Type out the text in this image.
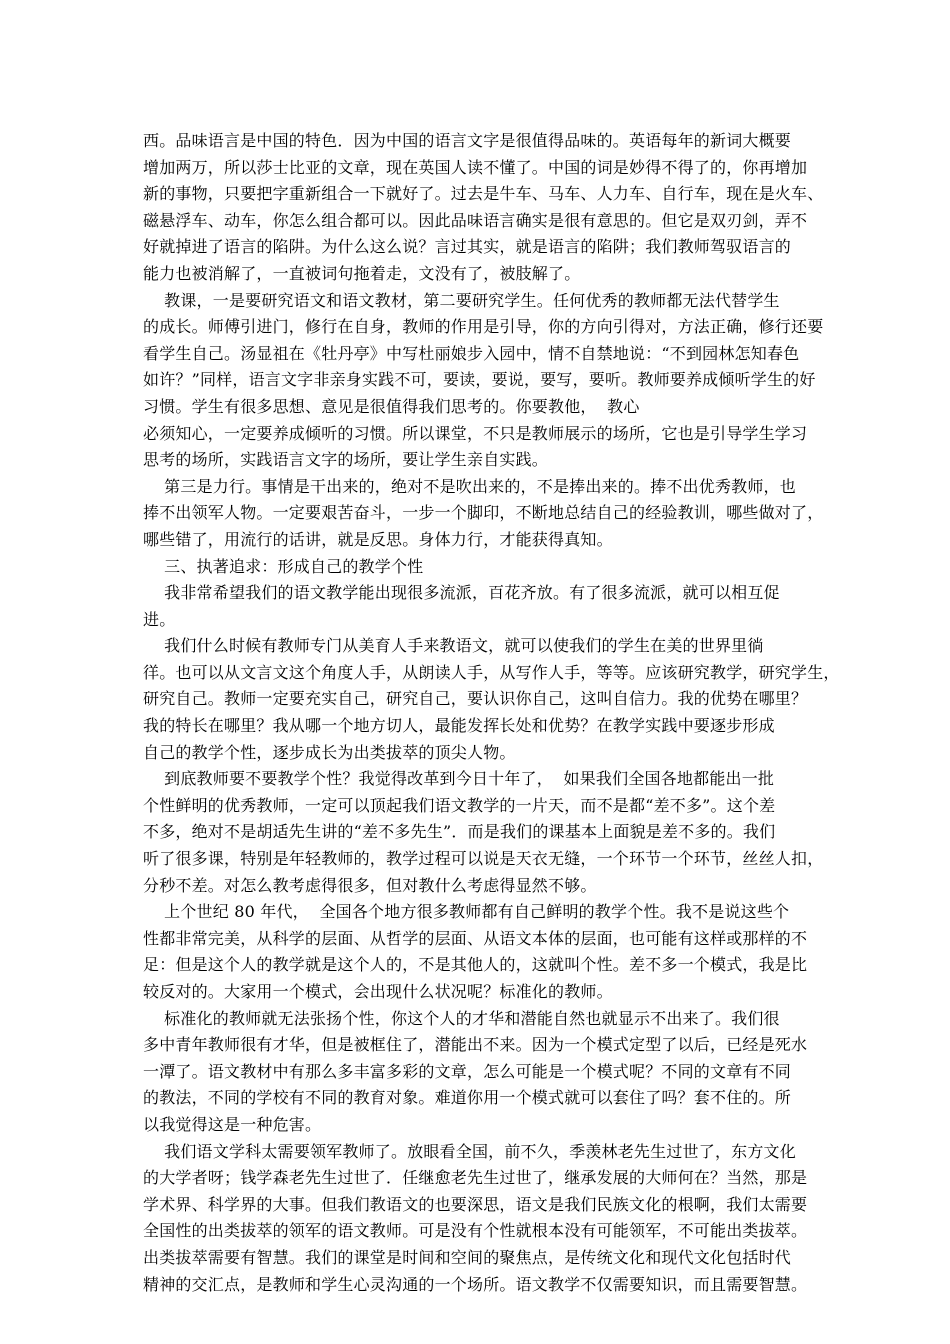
西。品味语言是中国的特色．因为中国的语言文字是很值得品味的。英语每年的新词大概要
增加两万，所以莎士比亚的文章，现在英国人读不懂了。中国的词是妙得不得了的，你再增加
新的事物，只要把字重新组合一下就好了。过去是牛车、马车、人力车、自行车，现在是火车、
磁悬浮车、动车，你怎么组合都可以。因此品味语言确实是很有意思的。但它是双刃剑，弄不
好就掉进了语言的陷阱。为什么这么说？言过其实，就是语言的陷阱；我们教师驾驭语言的
能力也被消解了，一直被词句拖着走，文没有了，被肢解了。
教课，一是要研究语文和语文教材，第二要研究学生。任何优秀的教师都无法代替学生
的成长。师傅引进门，修行在自身，教师的作用是引导，你的方向引得对，方法正确，修行还要
看学生自己。汤显祖在《牡丹亭》中写杜丽娘步入园中，情不自禁地说：“不到园林怎知春色
如许？”同样，语言文字非亲身实践不可，要读，要说，要写，要听。教师要养成倾听学生的好
习惯。学生有很多思想、意见是很值得我们思考的。你要教他，  教心
必须知心，一定要养成倾听的习惯。所以课堂，不只是教师展示的场所，它也是引导学生学习
思考的场所，实践语言文字的场所，要让学生亲自实践。
第三是力行。事情是干出来的，绝对不是吹出来的，不是捧出来的。捧不出优秀教师，也
捧不出领军人物。一定要艰苦奋斗，一步一个脚印，不断地总结自己的经验教训，哪些做对了，
哪些错了，用流行的话讲，就是反思。身体力行，才能获得真知。
三、执著追求：形成自己的教学个性
我非常希望我们的语文教学能出现很多流派，百花齐放。有了很多流派，就可以相互促
进。
我们什么时候有教师专门从美育人手来教语文，就可以使我们的学生在美的世界里徜
徉。也可以从文言文这个角度人手，从朗读人手，从写作人手，等等。应该研究教学，研究学生，
研究自己。教师一定要充实自己，研究自己，要认识你自己，这叫自信力。我的优势在哪里？
我的特长在哪里？我从哪一个地方切人，最能发挥长处和优势？在教学实践中要逐步形成
自己的教学个性，逐步成长为出类拔萃的顶尖人物。
到底教师要不要教学个性？我觉得改革到今日十年了，  如果我们全国各地都能出一批
个性鲜明的优秀教师，一定可以顶起我们语文教学的一片天，而不是都“差不多”。这个差
不多，绝对不是胡适先生讲的“差不多先生”．而是我们的课基本上面貌是差不多的。我们
听了很多课，特别是年轻教师的，教学过程可以说是天衣无缝，一个环节一个环节，丝丝人扣，
分秒不差。对怎么教考虑得很多，但对教什么考虑得显然不够。
上个世纪 80 年代，  全国各个地方很多教师都有自己鲜明的教学个性。我不是说这些个
性都非常完美，从科学的层面、从哲学的层面、从语文本体的层面，也可能有这样或那样的不
足：但是这个人的教学就是这个人的，不是其他人的，这就叫个性。差不多一个模式，我是比
较反对的。大家用一个模式，会出现什么状况呢？标准化的教师。
标准化的教师就无法张扬个性，你这个人的才华和潜能自然也就显示不出来了。我们很
多中青年教师很有才华，但是被框住了，潜能出不来。因为一个模式定型了以后，已经是死水
一潭了。语文教材中有那么多丰富多彩的文章，怎么可能是一个模式呢？不同的文章有不同
的教法，不同的学校有不同的教育对象。难道你用一个模式就可以套住了吗？套不住的。所
以我觉得这是一种危害。
我们语文学科太需要领军教师了。放眼看全国，前不久，季羡林老先生过世了，东方文化
的大学者呀；钱学森老先生过世了．任继愈老先生过世了，继承发展的大师何在？当然，那是
学术界、科学界的大事。但我们教语文的也要深思，语文是我们民族文化的根啊，我们太需要
全国性的出类拔萃的领军的语文教师。可是没有个性就根本没有可能领军，不可能出类拔萃。
出类拔萃需要有智慧。我们的课堂是时间和空间的聚焦点，是传统文化和现代文化包括时代
精神的交汇点，是教师和学生心灵沟通的一个场所。语文教学不仅需要知识，而且需要智慧。
